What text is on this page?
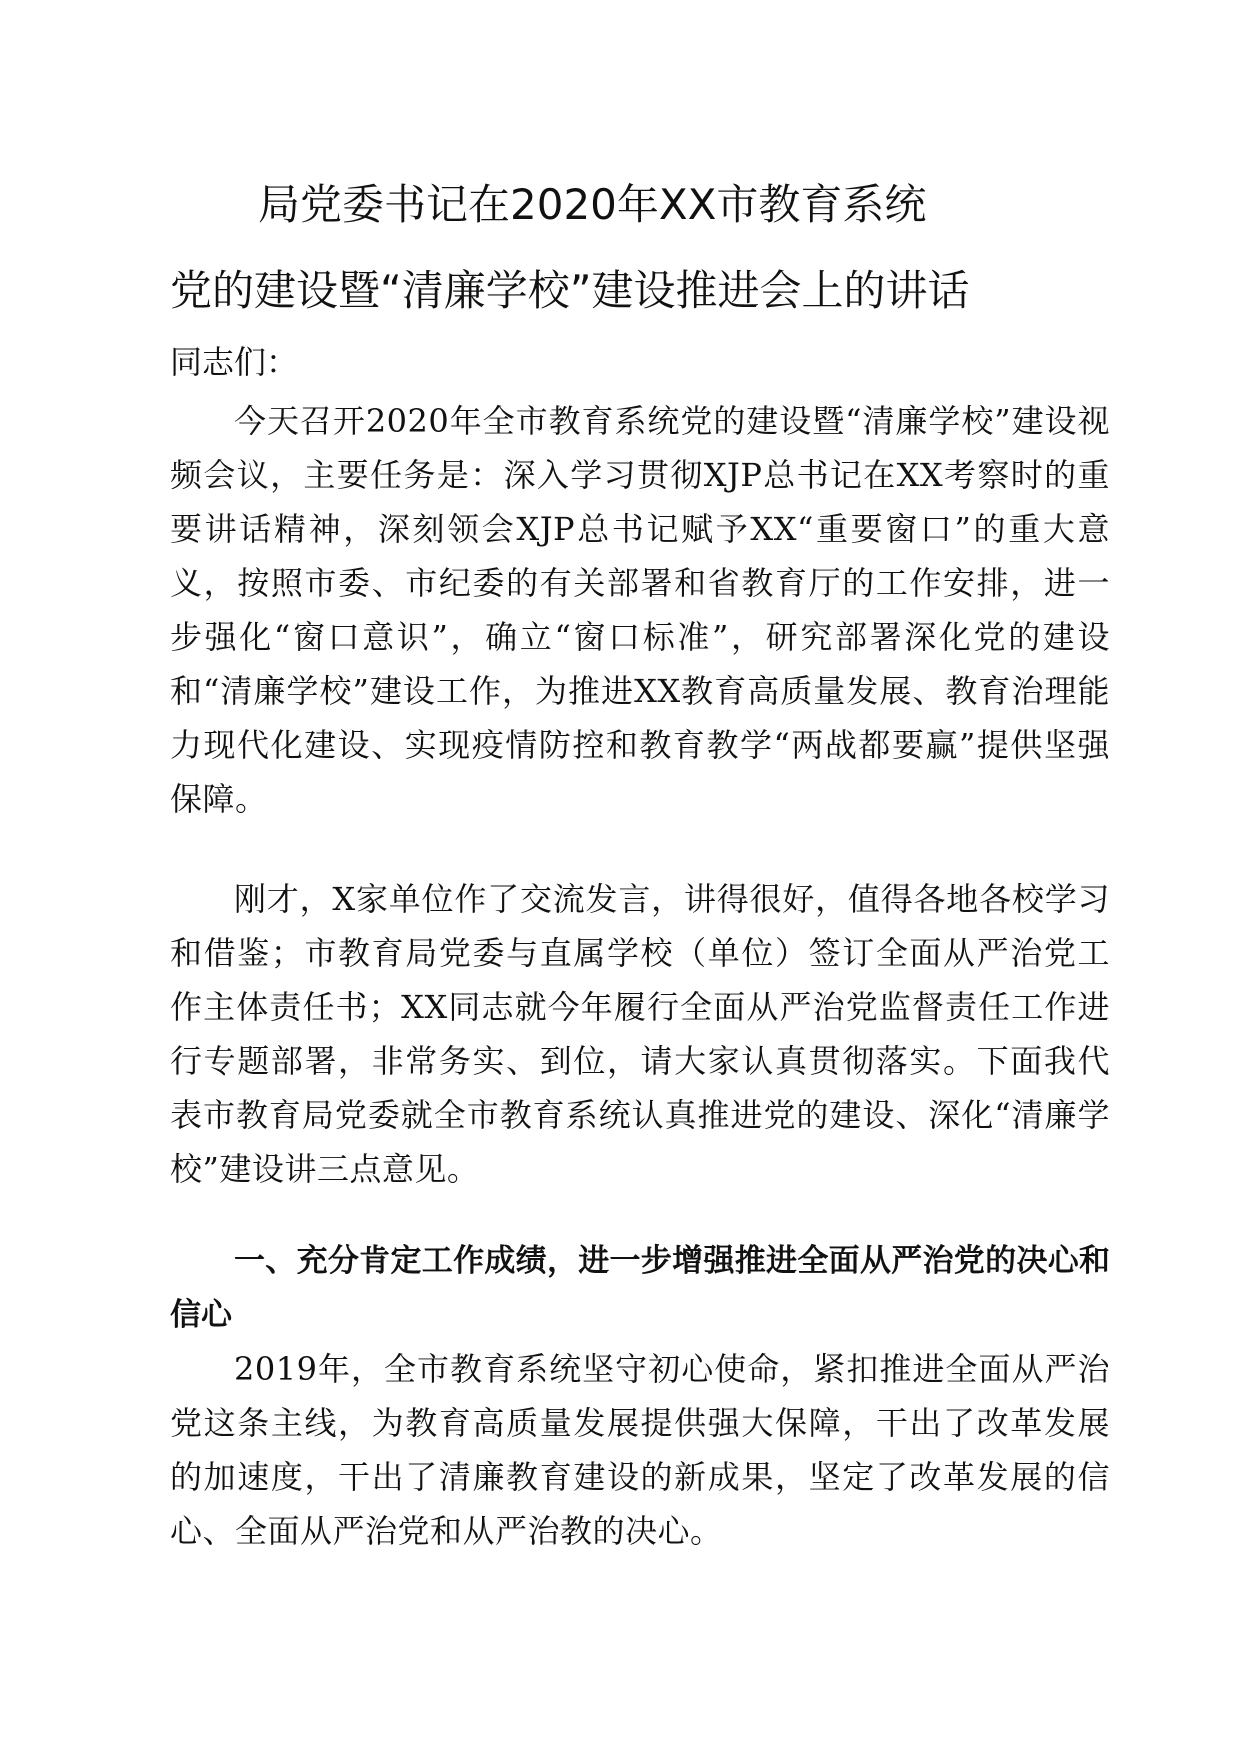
局党委书记在2020年XX市教育系统
党的建设暨“清廉学校”建设推进会上的讲话

同志们：

今天召开2020年全市教育系统党的建设暨“清廉学校”建设视频会议，主要任务是：深入学习贯彻XJP总书记在XX考察时的重要讲话精神，深刻领会XJP总书记赋予XX“重要窗口”的重大意义，按照市委、市纪委的有关部署和省教育厅的工作安排，进一步强化“窗口意识”，确立“窗口标准”，研究部署深化党的建设和“清廉学校”建设工作，为推进XX教育高质量发展、教育治理能力现代化建设、实现疫情防控和教育教学“两战都要赢”提供坚强保障。

刚才，X家单位作了交流发言，讲得很好，值得各地各校学习和借鉴；市教育局党委与直属学校（单位）签订全面从严治党工作主体责任书；XX同志就今年履行全面从严治党监督责任工作进行专题部署，非常务实、到位，请大家认真贯彻落实。下面我代表市教育局党委就全市教育系统认真推进党的建设、深化“清廉学校”建设讲三点意见。

一、充分肯定工作成绩，进一步增强推进全面从严治党的决心和信心

2019年，全市教育系统坚守初心使命，紧扣推进全面从严治党这条主线，为教育高质量发展提供强大保障，干出了改革发展的加速度，干出了清廉教育建设的新成果，坚定了改革发展的信心、全面从严治党和从严治教的决心。
